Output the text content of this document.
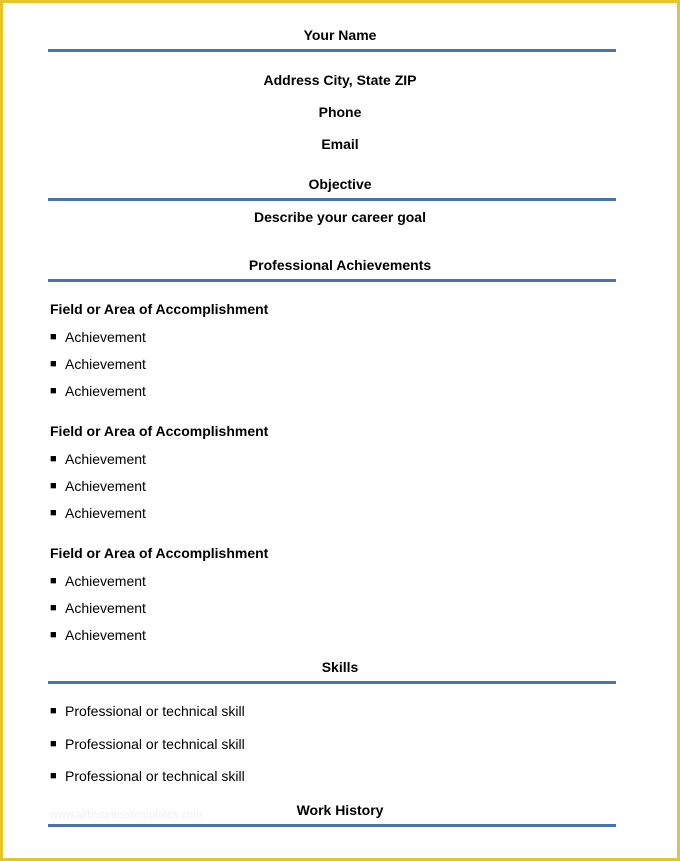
Your Name
Address City, State ZIP
Phone
Email
Objective
Describe your career goal
Professional Achievements
Field or Area of Accomplishment
■ Achievement
■ Achievement
■ Achievement
Field or Area of Accomplishment
■ Achievement
■ Achievement
■ Achievement
Field or Area of Accomplishment
■ Achievement
■ Achievement
■ Achievement
Skills
■ Professional or technical skill
■ Professional or technical skill
■ Professional or technical skill
www.allbusinesstemplates.com	Work History
